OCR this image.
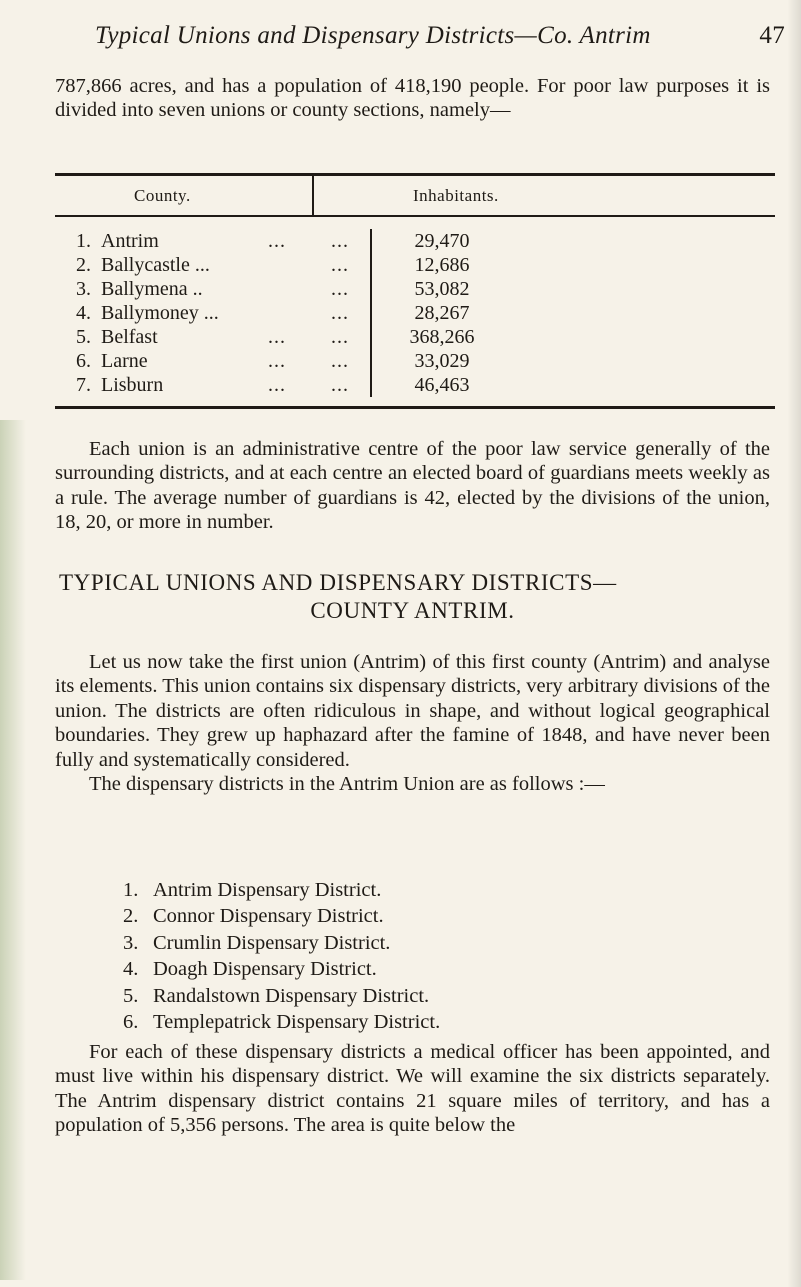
Typical Unions and Dispensary Districts—Co. Antrim	47

787,866 acres, and has a population of 418,190 people. For poor law purposes it is divided into seven unions or county sections, namely—

County.	Inhabitants.
1. Antrim	... ...	29,470
2. Ballycastle ...	...	12,686
3. Ballymena ..	...	53,082
4. Ballymoney ...	...	28,267
5. Belfast	... ...	368,266
6. Larne	... ...	33,029
7. Lisburn	... ...	46,463

Each union is an administrative centre of the poor law service generally of the surrounding districts, and at each centre an elected board of guardians meets weekly as a rule. The average number of guardians is 42, elected by the divisions of the union, 18, 20, or more in number.

TYPICAL UNIONS AND DISPENSARY DISTRICTS—
COUNTY ANTRIM.

Let us now take the first union (Antrim) of this first county (Antrim) and analyse its elements. This union contains six dispensary districts, very arbitrary divisions of the union. The districts are often ridiculous in shape, and without logical geographical boundaries. They grew up haphazard after the famine of 1848, and have never been fully and systematically considered.

The dispensary districts in the Antrim Union are as follows :—

1. Antrim Dispensary District.
2. Connor Dispensary District.
3. Crumlin Dispensary District.
4. Doagh Dispensary District.
5. Randalstown Dispensary District.
6. Templepatrick Dispensary District.

For each of these dispensary districts a medical officer has been appointed, and must live within his dispensary district. We will examine the six districts separately. The Antrim dispensary district contains 21 square miles of territory, and has a population of 5,356 persons. The area is quite below the
